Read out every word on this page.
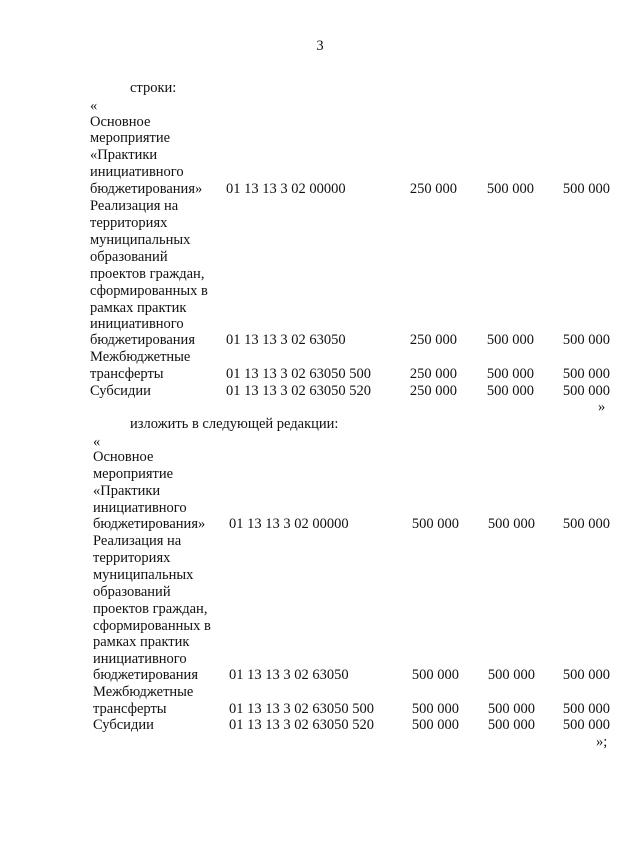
3
строки:
«
Основное
мероприятие
«Практики
инициативного
бюджетирования» 01 13 13 3 02 00000	250 000	500 000	500 000
Реализация на
территориях
муниципальных
образований
проектов граждан,
сформированных в
рамках практик
инициативного
бюджетирования 01 13 13 3 02 63050	250 000	500 000	500 000
Межбюджетные
трансферты	01 13 13 3 02 63050 500	250 000	500 000	500 000
Субсидии	01 13 13 3 02 63050 520	250 000	500 000	500 000
»
изложить в следующей редакции:
«
Основное
мероприятие
«Практики
инициативного
бюджетирования» 01 13 13 3 02 00000	500 000	500 000	500 000
Реализация на
территориях
муниципальных
образований
проектов граждан,
сформированных в
рамках практик
инициативного
бюджетирования 01 13 13 3 02 63050	500 000	500 000	500 000
Межбюджетные
трансферты	01 13 13 3 02 63050 500	500 000	500 000	500 000
Субсидии	01 13 13 3 02 63050 520	500 000	500 000	500 000
»;
